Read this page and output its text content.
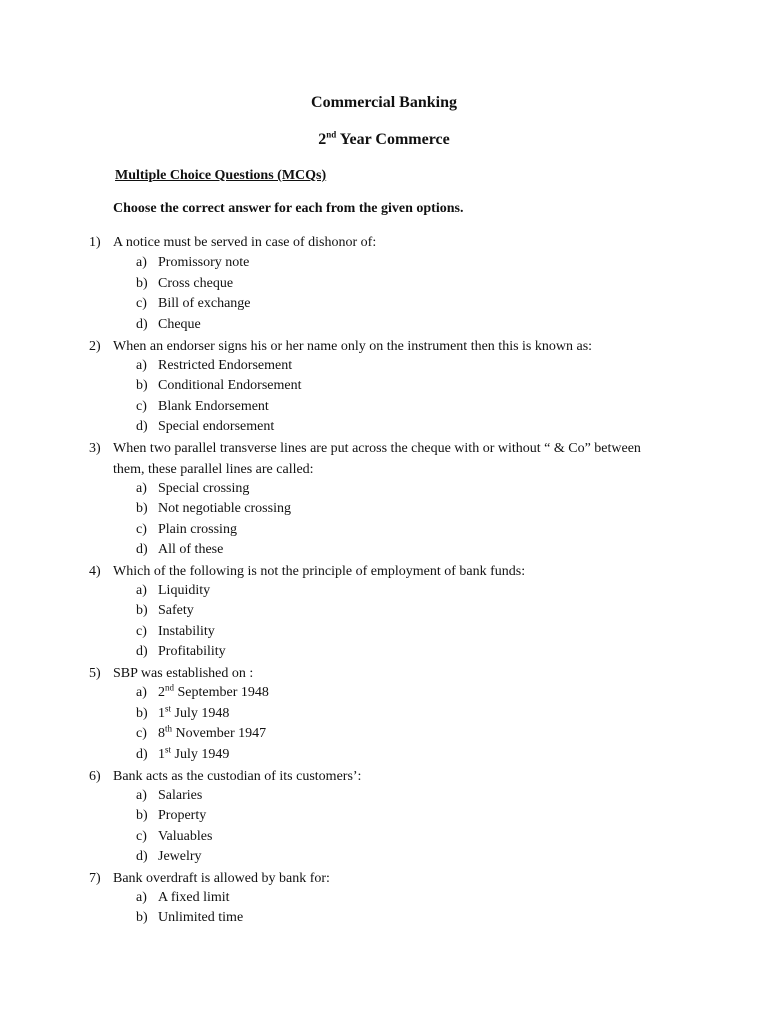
Commercial Banking
2nd Year Commerce
Multiple Choice Questions (MCQs)
Choose the correct answer for each from the given options.
1) A notice must be served in case of dishonor of:
a) Promissory note
b) Cross cheque
c) Bill of exchange
d) Cheque
2) When an endorser signs his or her name only on the instrument then this is known as:
a) Restricted Endorsement
b) Conditional Endorsement
c) Blank Endorsement
d) Special endorsement
3) When two parallel transverse lines are put across the cheque with or without “ & Co” between them, these parallel lines are called:
a) Special crossing
b) Not negotiable crossing
c) Plain crossing
d) All of these
4) Which of the following is not the principle of employment of bank funds:
a) Liquidity
b) Safety
c) Instability
d) Profitability
5) SBP was established on :
a) 2nd September 1948
b) 1st July 1948
c) 8th November 1947
d) 1st July 1949
6) Bank acts as the custodian of its customers’:
a) Salaries
b) Property
c) Valuables
d) Jewelry
7) Bank overdraft is allowed by bank for:
a) A fixed limit
b) Unlimited time
